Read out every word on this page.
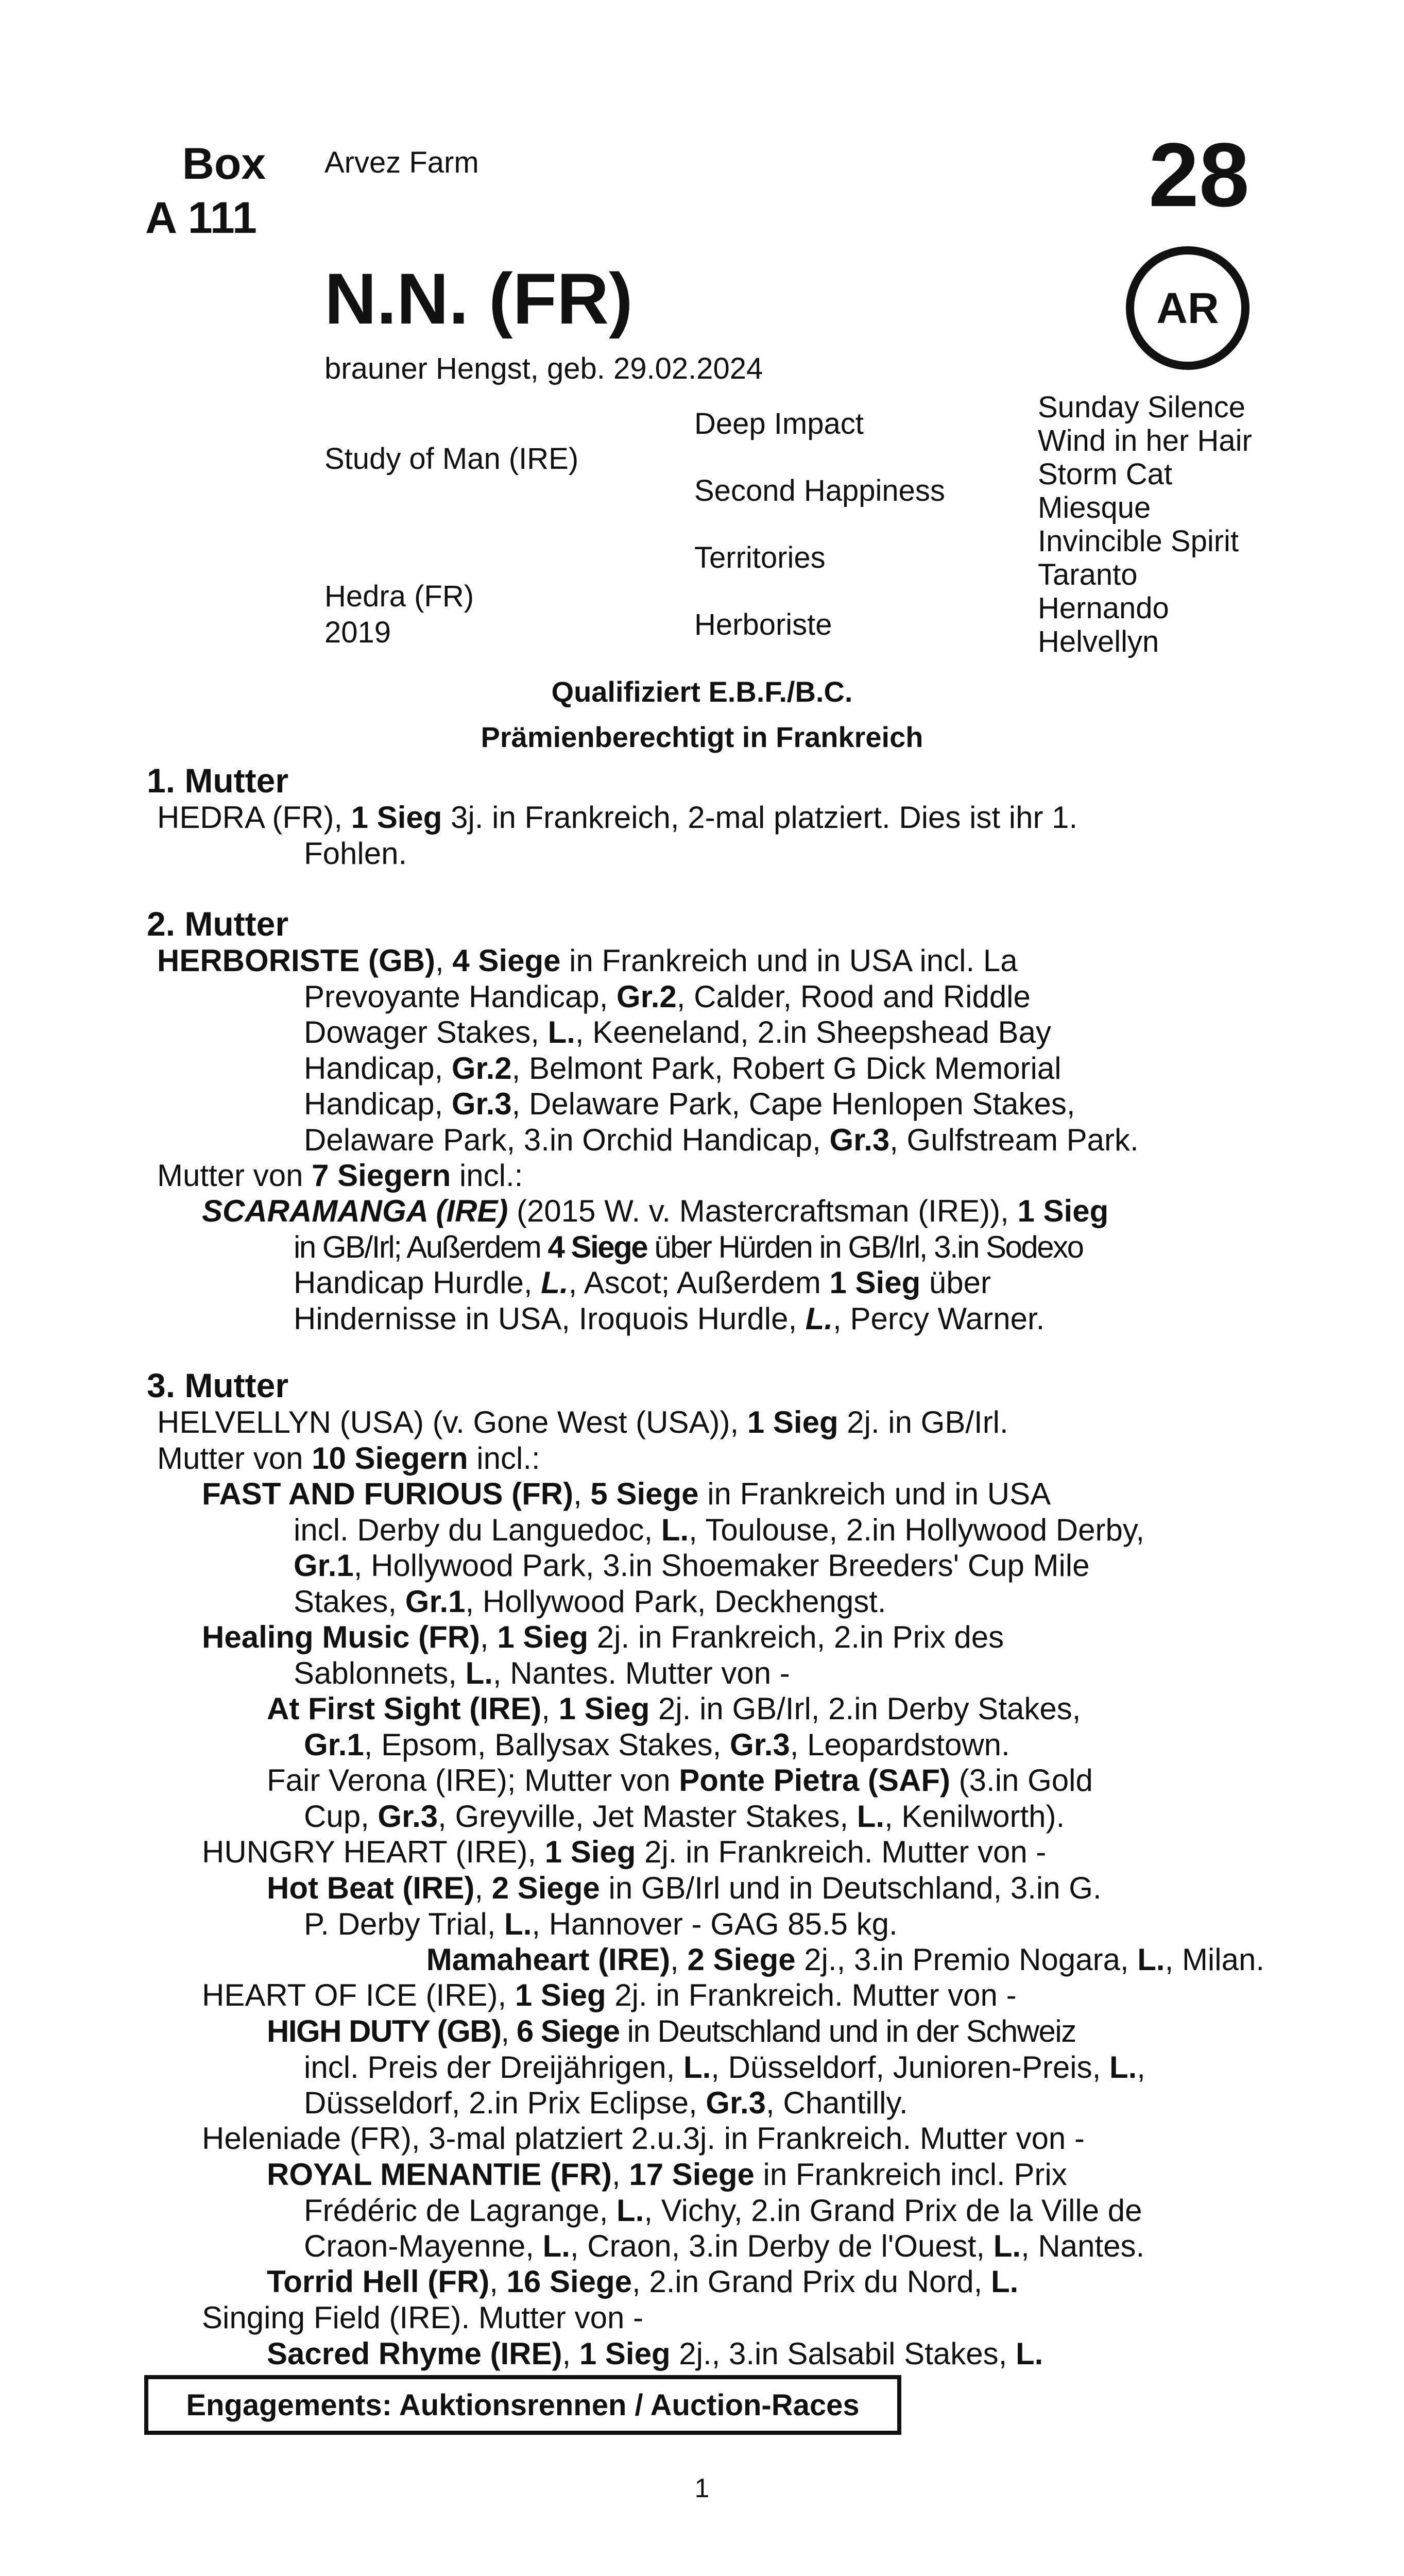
Box
A 111
Arvez Farm	28
AR
N.N. (FR)
brauner Hengst, geb. 29.02.2024
Study of Man (IRE)
Hedra (FR)
2019
Deep Impact
Second Happiness
Territories
Herboriste
Sunday Silence
Wind in her Hair
Storm Cat
Miesque
Invincible Spirit
Taranto
Hernando
Helvellyn
Qualifiziert E.B.F./B.C.
Prämienberechtigt in Frankreich
1. Mutter
HEDRA (FR), 1 Sieg 3j. in Frankreich, 2-mal platziert. Dies ist ihr 1.
Fohlen.
2. Mutter
HERBORISTE (GB), 4 Siege in Frankreich und in USA incl. La
Prevoyante Handicap, Gr.2, Calder, Rood and Riddle
Dowager Stakes, L., Keeneland, 2.in Sheepshead Bay
Handicap, Gr.2, Belmont Park, Robert G Dick Memorial
Handicap, Gr.3, Delaware Park, Cape Henlopen Stakes,
Delaware Park, 3.in Orchid Handicap, Gr.3, Gulfstream Park.
Mutter von 7 Siegern incl.:
SCARAMANGA (IRE) (2015 W. v. Mastercraftsman (IRE)), 1 Sieg
in GB/Irl; Außerdem 4 Siege über Hürden in GB/Irl, 3.in Sodexo
Handicap Hurdle, L., Ascot; Außerdem 1 Sieg über
Hindernisse in USA, Iroquois Hurdle, L., Percy Warner.
3. Mutter
HELVELLYN (USA) (v. Gone West (USA)), 1 Sieg 2j. in GB/Irl.
Mutter von 10 Siegern incl.:
FAST AND FURIOUS (FR), 5 Siege in Frankreich und in USA
incl. Derby du Languedoc, L., Toulouse, 2.in Hollywood Derby,
Gr.1, Hollywood Park, 3.in Shoemaker Breeders' Cup Mile
Stakes, Gr.1, Hollywood Park, Deckhengst.
Healing Music (FR), 1 Sieg 2j. in Frankreich, 2.in Prix des
Sablonnets, L., Nantes. Mutter von -
At First Sight (IRE), 1 Sieg 2j. in GB/Irl, 2.in Derby Stakes,
Gr.1, Epsom, Ballysax Stakes, Gr.3, Leopardstown.
Fair Verona (IRE); Mutter von Ponte Pietra (SAF) (3.in Gold
Cup, Gr.3, Greyville, Jet Master Stakes, L., Kenilworth).
HUNGRY HEART (IRE), 1 Sieg 2j. in Frankreich. Mutter von -
Hot Beat (IRE), 2 Siege in GB/Irl und in Deutschland, 3.in G.
P. Derby Trial, L., Hannover - GAG 85.5 kg.
Mamaheart (IRE), 2 Siege 2j., 3.in Premio Nogara, L., Milan.
HEART OF ICE (IRE), 1 Sieg 2j. in Frankreich. Mutter von -
HIGH DUTY (GB), 6 Siege in Deutschland und in der Schweiz
incl. Preis der Dreijährigen, L., Düsseldorf, Junioren-Preis, L.,
Düsseldorf, 2.in Prix Eclipse, Gr.3, Chantilly.
Heleniade (FR), 3-mal platziert 2.u.3j. in Frankreich. Mutter von -
ROYAL MENANTIE (FR), 17 Siege in Frankreich incl. Prix
Frédéric de Lagrange, L., Vichy, 2.in Grand Prix de la Ville de
Craon-Mayenne, L., Craon, 3.in Derby de l'Ouest, L., Nantes.
Torrid Hell (FR), 16 Siege, 2.in Grand Prix du Nord, L.
Singing Field (IRE). Mutter von -
Sacred Rhyme (IRE), 1 Sieg 2j., 3.in Salsabil Stakes, L.
Engagements: Auktionsrennen / Auction-Races
1
